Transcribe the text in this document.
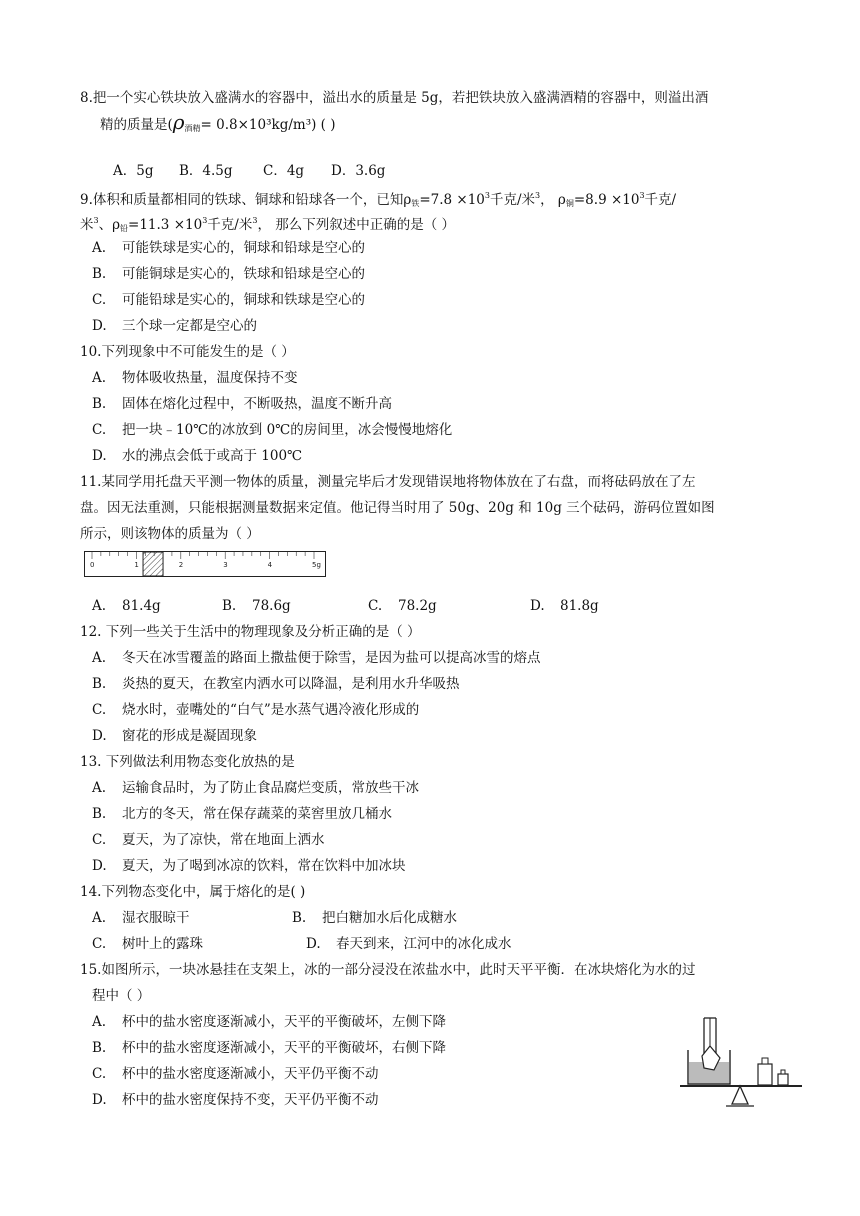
8.把一个实心铁块放入盛满水的容器中，溢出水的质量是 5g，若把铁块放入盛满酒精的容器中，则溢出酒
精的质量是$(\rho_{酒精}= 0.8\times 10^3kg/m^3)$ ( )
A．5g B．4.5g C．4g D．3.6g
9.体积和质量都相同的铁球、铜球和铅球各一个，已知$\rho_铁=7.8 \times 10^3$千克/米$^3$， $\rho_铜=8.9 \times 10^3$千克/
米$^3$、$\rho_铅=11.3 \times 10^3$千克/米$^3$， 那么下列叙述中正确的是（ ）
A. 可能铁球是实心的，铜球和铅球是空心的
B. 可能铜球是实心的，铁球和铅球是空心的
C. 可能铅球是实心的，铜球和铁球是空心的
D. 三个球一定都是空心的
10.下列现象中不可能发生的是（ ）
A. 物体吸收热量，温度保持不变
B. 固体在熔化过程中，不断吸热，温度不断升高
C. 把一块﹣10℃的冰放到 0℃的房间里，冰会慢慢地熔化
D. 水的沸点会低于或高于 100℃
11.某同学用托盘天平测一物体的质量，测量完毕后才发现错误地将物体放在了右盘，而将砝码放在了左
盘。因无法重测，只能根据测量数据来定值。他记得当时用了 50g、20g 和 10g 三个砝码，游码位置如图
所示，则该物体的质量为（ ）
0	1	2	3	4	5g
A. 81.4g	B. 78.6g	C. 78.2g	D. 81.8g
12. 下列一些关于生活中的物理现象及分析正确的是（ ）
A. 冬天在冰雪覆盖的路面上撒盐便于除雪，是因为盐可以提高冰雪的熔点
B. 炎热的夏天，在教室内洒水可以降温，是利用水升华吸热
C. 烧水时，壶嘴处的“白气”是水蒸气遇冷液化形成的
D. 窗花的形成是凝固现象
13. 下列做法利用物态变化放热的是
A. 运输食品时，为了防止食品腐烂变质，常放些干冰
B. 北方的冬天，常在保存蔬菜的菜窖里放几桶水
C. 夏天，为了凉快，常在地面上洒水
D. 夏天，为了喝到冰凉的饮料，常在饮料中加冰块
14.下列物态变化中，属于熔化的是( )
A. 湿衣服晾干	B. 把白糖加水后化成糖水
C. 树叶上的露珠	D. 春天到来，江河中的冰化成水
15.如图所示，一块冰悬挂在支架上，冰的一部分浸没在浓盐水中，此时天平平衡．在冰块熔化为水的过
程中（ ）
A. 杯中的盐水密度逐渐减小，天平的平衡破坏，左侧下降
B. 杯中的盐水密度逐渐减小，天平的平衡破坏，右侧下降
C. 杯中的盐水密度逐渐减小，天平仍平衡不动
D. 杯中的盐水密度保持不变，天平仍平衡不动
